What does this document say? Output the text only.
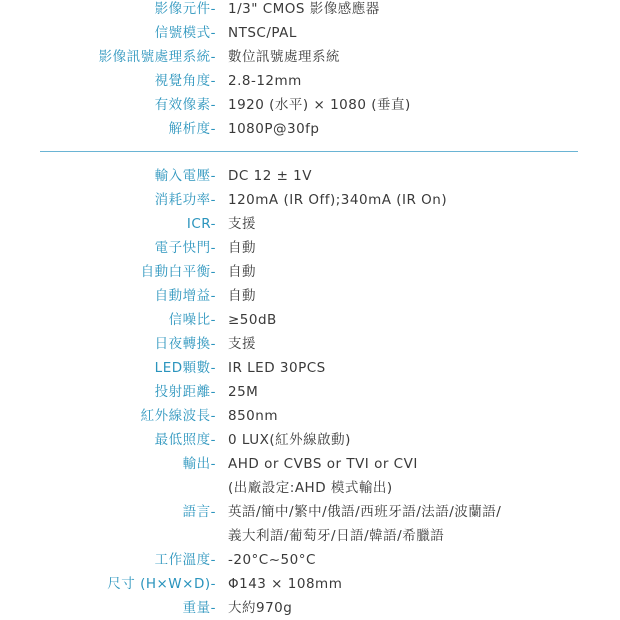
影像元件- 1/3" CMOS 影像感應器
信號模式- NTSC/PAL
影像訊號處理系統- 數位訊號處理系統
視覺角度- 2.8-12mm
有效像素- 1920 (水平) × 1080 (垂直)
解析度- 1080P@30fp
輸入電壓- DC 12 ± 1V
消耗功率- 120mA (IR Off);340mA (IR On)
ICR- 支援
電子快門- 自動
自動白平衡- 自動
自動增益- 自動
信噪比- ≥50dB
日夜轉換- 支援
LED顆數- IR LED 30PCS
投射距離- 25M
紅外線波長- 850nm
最低照度- 0 LUX(紅外線啟動)
輸出- AHD or CVBS or TVI or CVI
(出廠設定:AHD 模式輸出)
語言- 英語/簡中/繁中/俄語/西班牙語/法語/波蘭語/
義大利語/葡萄牙/日語/韓語/希臘語
工作溫度- -20°C~50°C
尺寸 (H×W×D)- Φ143 × 108mm
重量- 大約970g
